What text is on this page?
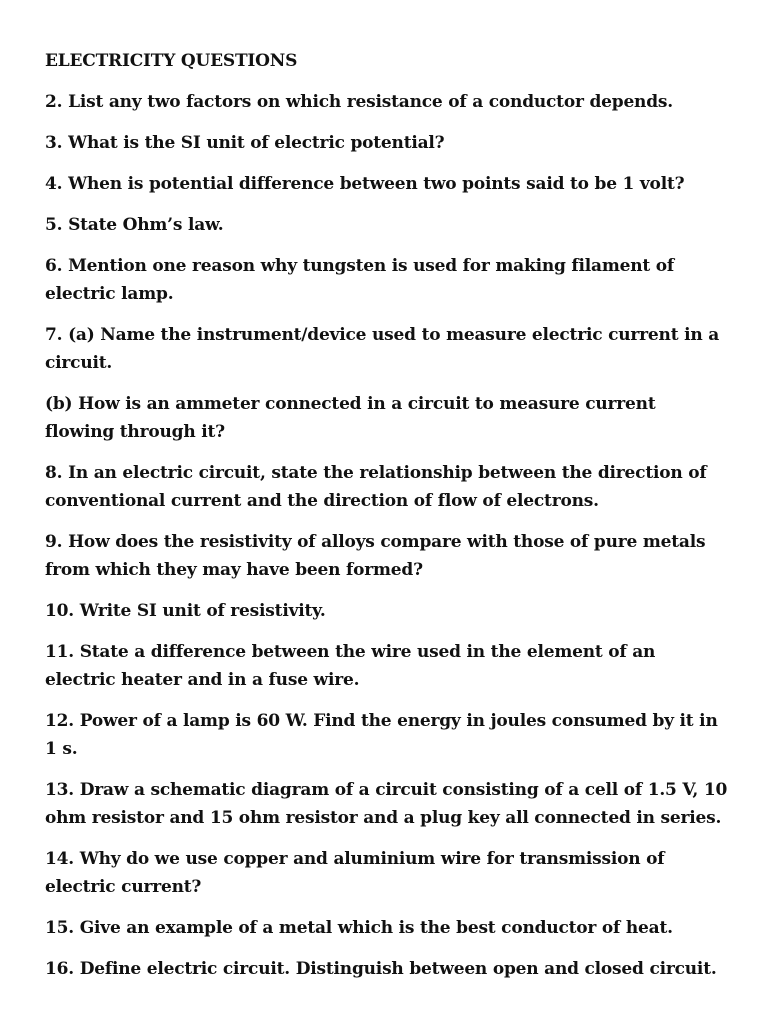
ELECTRICITY QUESTIONS
2. List any two factors on which resistance of a conductor depends.
3. What is the SI unit of electric potential?
4. When is potential difference between two points said to be 1 volt?
5. State Ohm’s law.
6. Mention one reason why tungsten is used for making filament of electric lamp.
7. (a) Name the instrument/device used to measure electric current in a circuit.
(b) How is an ammeter connected in a circuit to measure current flowing through it?
8. In an electric circuit, state the relationship between the direction of conventional current and the direction of flow of electrons.
9. How does the resistivity of alloys compare with those of pure metals from which they may have been formed?
10. Write SI unit of resistivity.
11. State a difference between the wire used in the element of an electric heater and in a fuse wire.
12. Power of a lamp is 60 W. Find the energy in joules consumed by it in 1 s.
13. Draw a schematic diagram of a circuit consisting of a cell of 1.5 V, 10 ohm resistor and 15 ohm resistor and a plug key all connected in series.
14. Why do we use copper and aluminium wire for transmission of electric current?
15. Give an example of a metal which is the best conductor of heat.
16. Define electric circuit. Distinguish between open and closed circuit.
